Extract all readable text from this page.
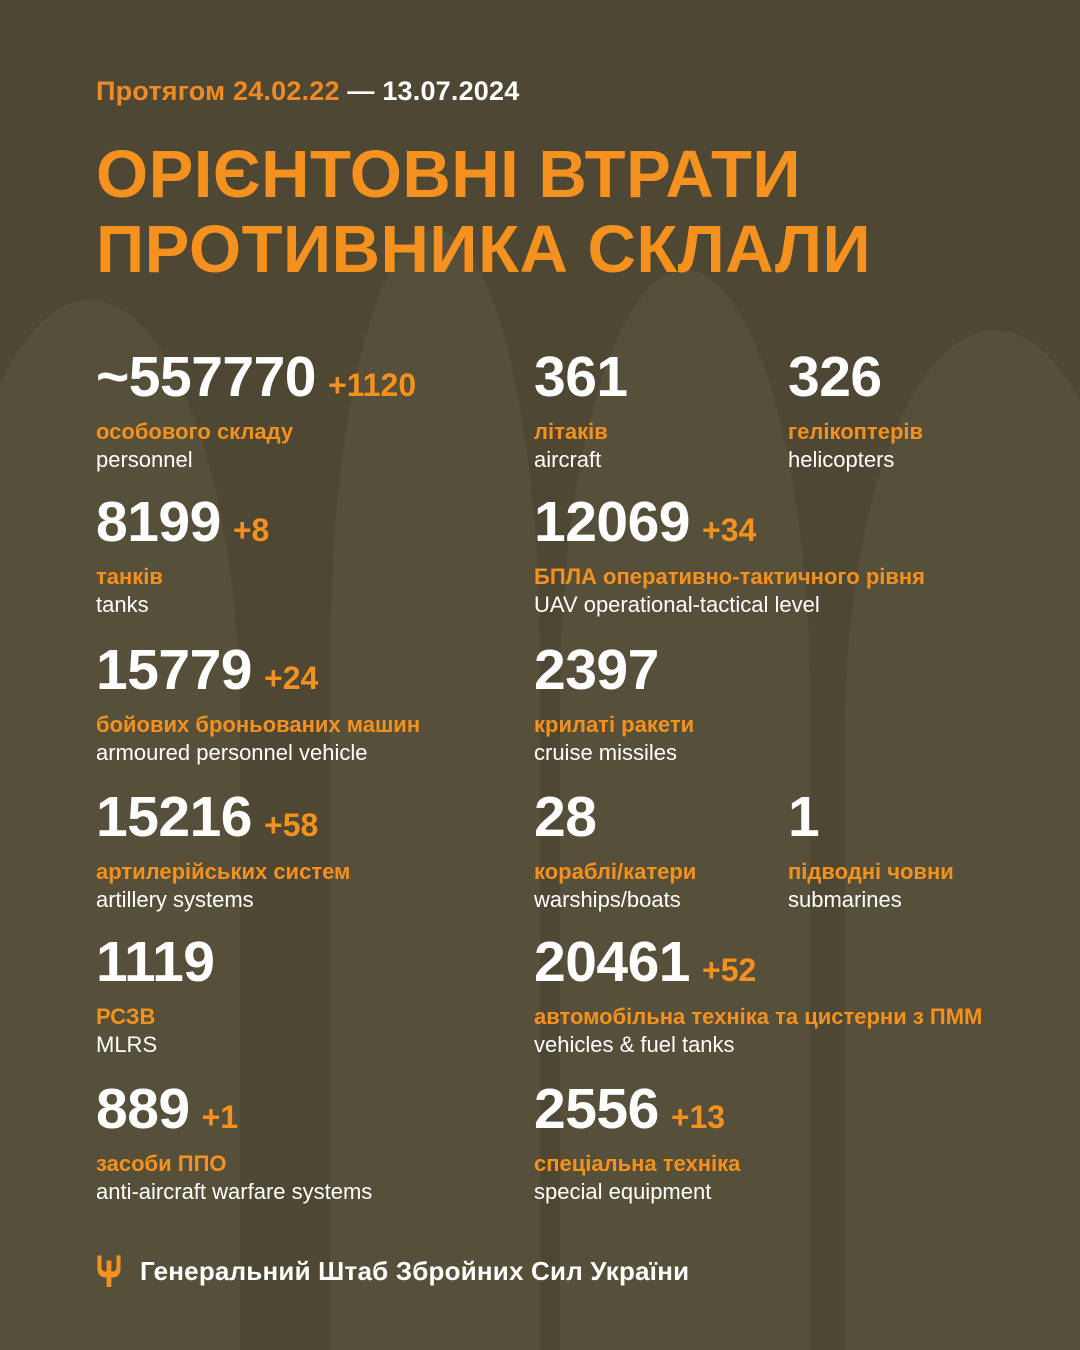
Протягом 24.02.22 — 13.07.2024
ОРІЄНТОВНІ ВТРАТИ
ПРОТИВНИКА СКЛАЛИ
~557770 +1120
особового складу
personnel
361
літаків
aircraft
326
гелікоптерів
helicopters
8199 +8
танків
tanks
12069 +34
БПЛА оперативно-тактичного рівня
UAV operational-tactical level
15779 +24
бойових броньованих машин
armoured personnel vehicle
2397
крилаті ракети
cruise missiles
15216 +58
артилерійських систем
artillery systems
28
кораблі/катери
warships/boats
1
підводні човни
submarines
1119
РСЗВ
MLRS
20461 +52
автомобільна техніка та цистерни з ПММ
vehicles & fuel tanks
889 +1
засоби ППО
anti-aircraft warfare systems
2556 +13
спеціальна техніка
special equipment
Генеральний Штаб Збройних Сил України
